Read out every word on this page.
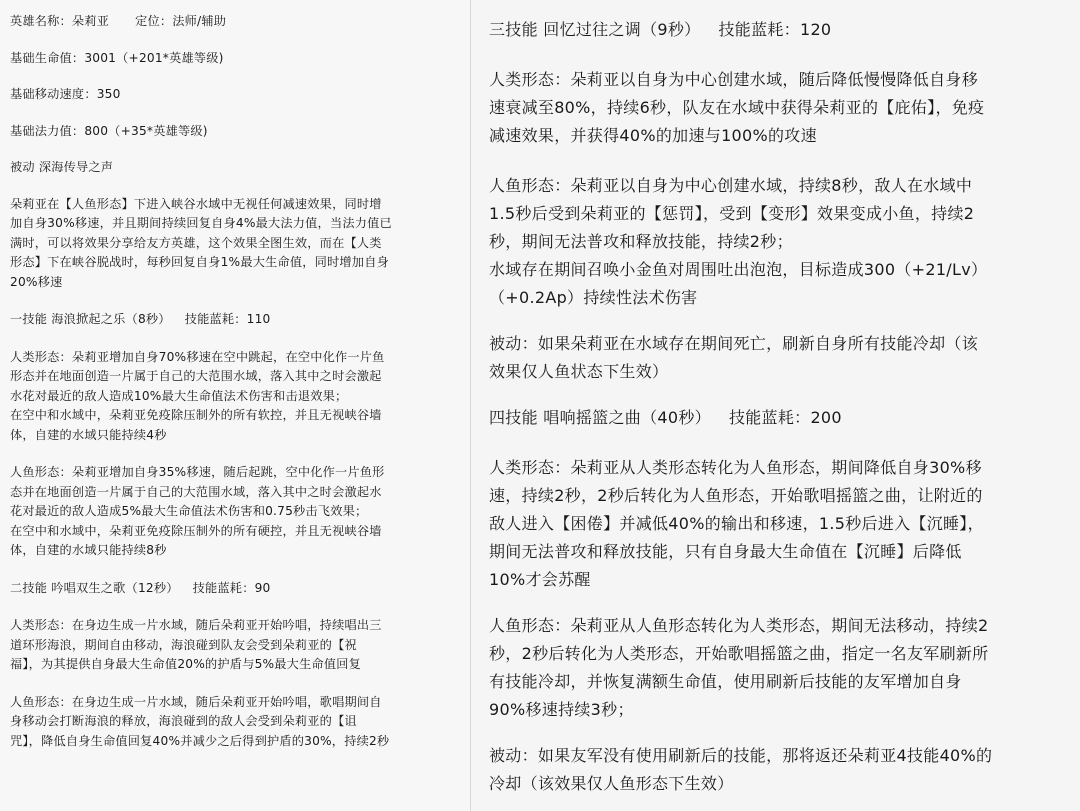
英雄名称：朵莉亚 定位：法师/辅助

基础生命值：3001（+201*英雄等级)

基础移动速度：350

基础法力值：800（+35*英雄等级)

被动 深海传导之声

朵莉亚在【人鱼形态】下进入峡谷水域中无视任何减速效果，同时增

加自身30%移速，并且期间持续回复自身4%最大法力值，当法力值已

满时，可以将效果分享给友方英雄，这个效果全图生效，而在【人类

形态】下在峡谷脱战时，每秒回复自身1%最大生命值，同时增加自身

20%移速

一技能 海浪掀起之乐（8秒） 技能蓝耗：110

人类形态：朵莉亚增加自身70%移速在空中跳起，在空中化作一片鱼

形态并在地面创造一片属于自己的大范围水域，落入其中之时会激起

水花对最近的敌人造成10%最大生命值法术伤害和击退效果；

在空中和水域中，朵莉亚免疫除压制外的所有软控，并且无视峡谷墙

体，自建的水域只能持续4秒

人鱼形态：朵莉亚增加自身35%移速，随后起跳，空中化作一片鱼形

态并在地面创造一片属于自己的大范围水域，落入其中之时会激起水

花对最近的敌人造成5%最大生命值法术伤害和0.75秒击飞效果；

在空中和水域中，朵莉亚免疫除压制外的所有硬控，并且无视峡谷墙

体，自建的水域只能持续8秒

二技能 吟唱双生之歌（12秒） 技能蓝耗：90

人类形态：在身边生成一片水域，随后朵莉亚开始吟唱，持续唱出三

道环形海浪，期间自由移动，海浪碰到队友会受到朵莉亚的【祝

福】，为其提供自身最大生命值20%的护盾与5%最大生命值回复

人鱼形态：在身边生成一片水域，随后朵莉亚开始吟唱，歌唱期间自

身移动会打断海浪的释放，海浪碰到的敌人会受到朵莉亚的【诅

咒】，降低自身生命值回复40%并减少之后得到护盾的30%，持续2秒

三技能 回忆过往之调（9秒） 技能蓝耗：120

人类形态：朵莉亚以自身为中心创建水域，随后降低慢慢降低自身移

速衰减至80%，持续6秒，队友在水域中获得朵莉亚的【庇佑】，免疫

减速效果，并获得40%的加速与100%的攻速

人鱼形态：朵莉亚以自身为中心创建水域，持续8秒，敌人在水域中

1.5秒后受到朵莉亚的【惩罚】，受到【变形】效果变成小鱼，持续2

秒，期间无法普攻和释放技能，持续2秒；

水域存在期间召唤小金鱼对周围吐出泡泡，目标造成300（+21/Lv）

（+0.2Ap）持续性法术伤害

被动：如果朵莉亚在水域存在期间死亡，刷新自身所有技能冷却（该

效果仅人鱼状态下生效）

四技能 唱响摇篮之曲（40秒） 技能蓝耗：200

人类形态：朵莉亚从人类形态转化为人鱼形态，期间降低自身30%移

速，持续2秒，2秒后转化为人鱼形态，开始歌唱摇篮之曲，让附近的

敌人进入【困倦】并减低40%的输出和移速，1.5秒后进入【沉睡】，

期间无法普攻和释放技能，只有自身最大生命值在【沉睡】后降低

10%才会苏醒

人鱼形态：朵莉亚从人鱼形态转化为人类形态，期间无法移动，持续2

秒，2秒后转化为人类形态，开始歌唱摇篮之曲，指定一名友军刷新所

有技能冷却，并恢复满额生命值，使用刷新后技能的友军增加自身

90%移速持续3秒；

被动：如果友军没有使用刷新后的技能，那将返还朵莉亚4技能40%的

冷却（该效果仅人鱼形态下生效）
